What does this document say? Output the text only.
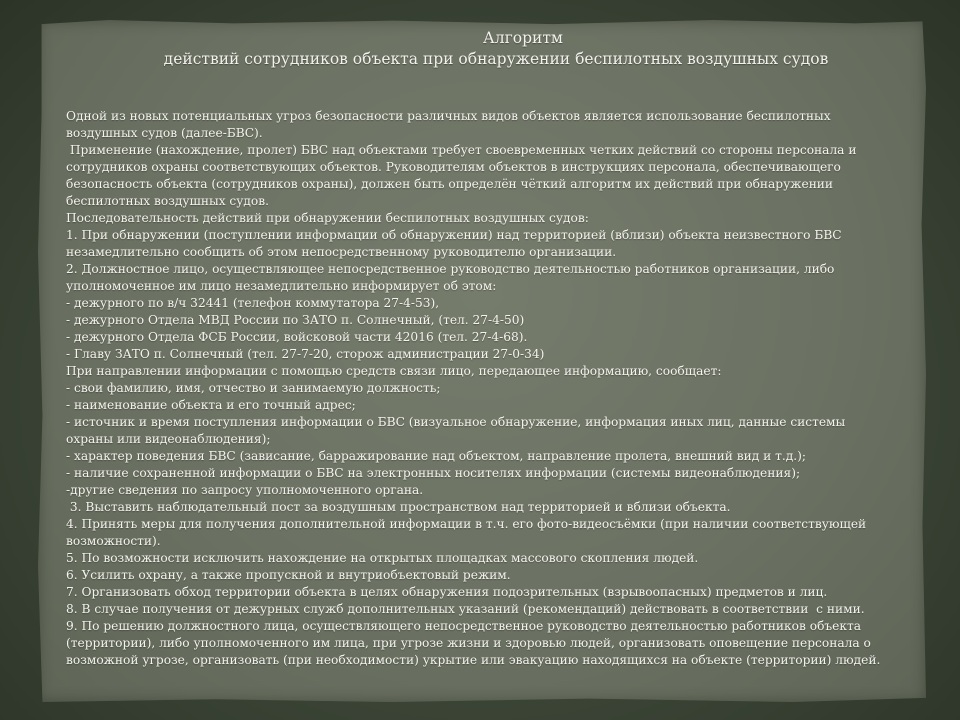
Алгоритм
действий сотрудников объекта при обнаружении беспилотных воздушных судов

Одной из новых потенциальных угроз безопасности различных видов объектов является использование беспилотных

воздушных судов (далее-БВС).

Применение (нахождение, пролет) БВС над объектами требует своевременных четких действий со стороны персонала и

сотрудников охраны соответствующих объектов. Руководителям объектов в инструкциях персонала, обеспечивающего

безопасность объекта (сотрудников охраны), должен быть определён чёткий алгоритм их действий при обнаружении

беспилотных воздушных судов.

Последовательность действий при обнаружении беспилотных воздушных судов:

1. При обнаружении (поступлении информации об обнаружении) над территорией (вблизи) объекта неизвестного БВС

незамедлительно сообщить об этом непосредственному руководителю организации.

2. Должностное лицо, осуществляющее непосредственное руководство деятельностью работников организации, либо

уполномоченное им лицо незамедлительно информирует об этом:

- дежурного по в/ч 32441 (телефон коммутатора 27-4-53),

- дежурного Отдела МВД России по ЗАТО п. Солнечный, (тел. 27-4-50)

- дежурного Отдела ФСБ России, войсковой части 42016 (тел. 27-4-68).

- Главу ЗАТО п. Солнечный (тел. 27-7-20, сторож администрации 27-0-34)

При направлении информации с помощью средств связи лицо, передающее информацию, сообщает:

- свои фамилию, имя, отчество и занимаемую должность;

- наименование объекта и его точный адрес;

- источник и время поступления информации о БВС (визуальное обнаружение, информация иных лиц, данные системы

охраны или видеонаблюдения);

- характер поведения БВС (зависание, барражирование над объектом, направление пролета, внешний вид и т.д.);

- наличие сохраненной информации о БВС на электронных носителях информации (системы видеонаблюдения);

-другие сведения по запросу уполномоченного органа.

3. Выставить наблюдательный пост за воздушным пространством над территорией и вблизи объекта.

4. Принять меры для получения дополнительной информации в т.ч. его фото-видеосъёмки (при наличии соответствующей

возможности).

5. По возможности исключить нахождение на открытых площадках массового скопления людей.

6. Усилить охрану, а также пропускной и внутриобъектовый режим.

7. Организовать обход территории объекта в целях обнаружения подозрительных (взрывоопасных) предметов и лиц.

8. В случае получения от дежурных служб дополнительных указаний (рекомендаций) действовать в соответствии  с ними.

9. По решению должностного лица, осуществляющего непосредственное руководство деятельностью работников объекта

(территории), либо уполномоченного им лица, при угрозе жизни и здоровью людей, организовать оповещение персонала о

возможной угрозе, организовать (при необходимости) укрытие или эвакуацию находящихся на объекте (территории) людей.
